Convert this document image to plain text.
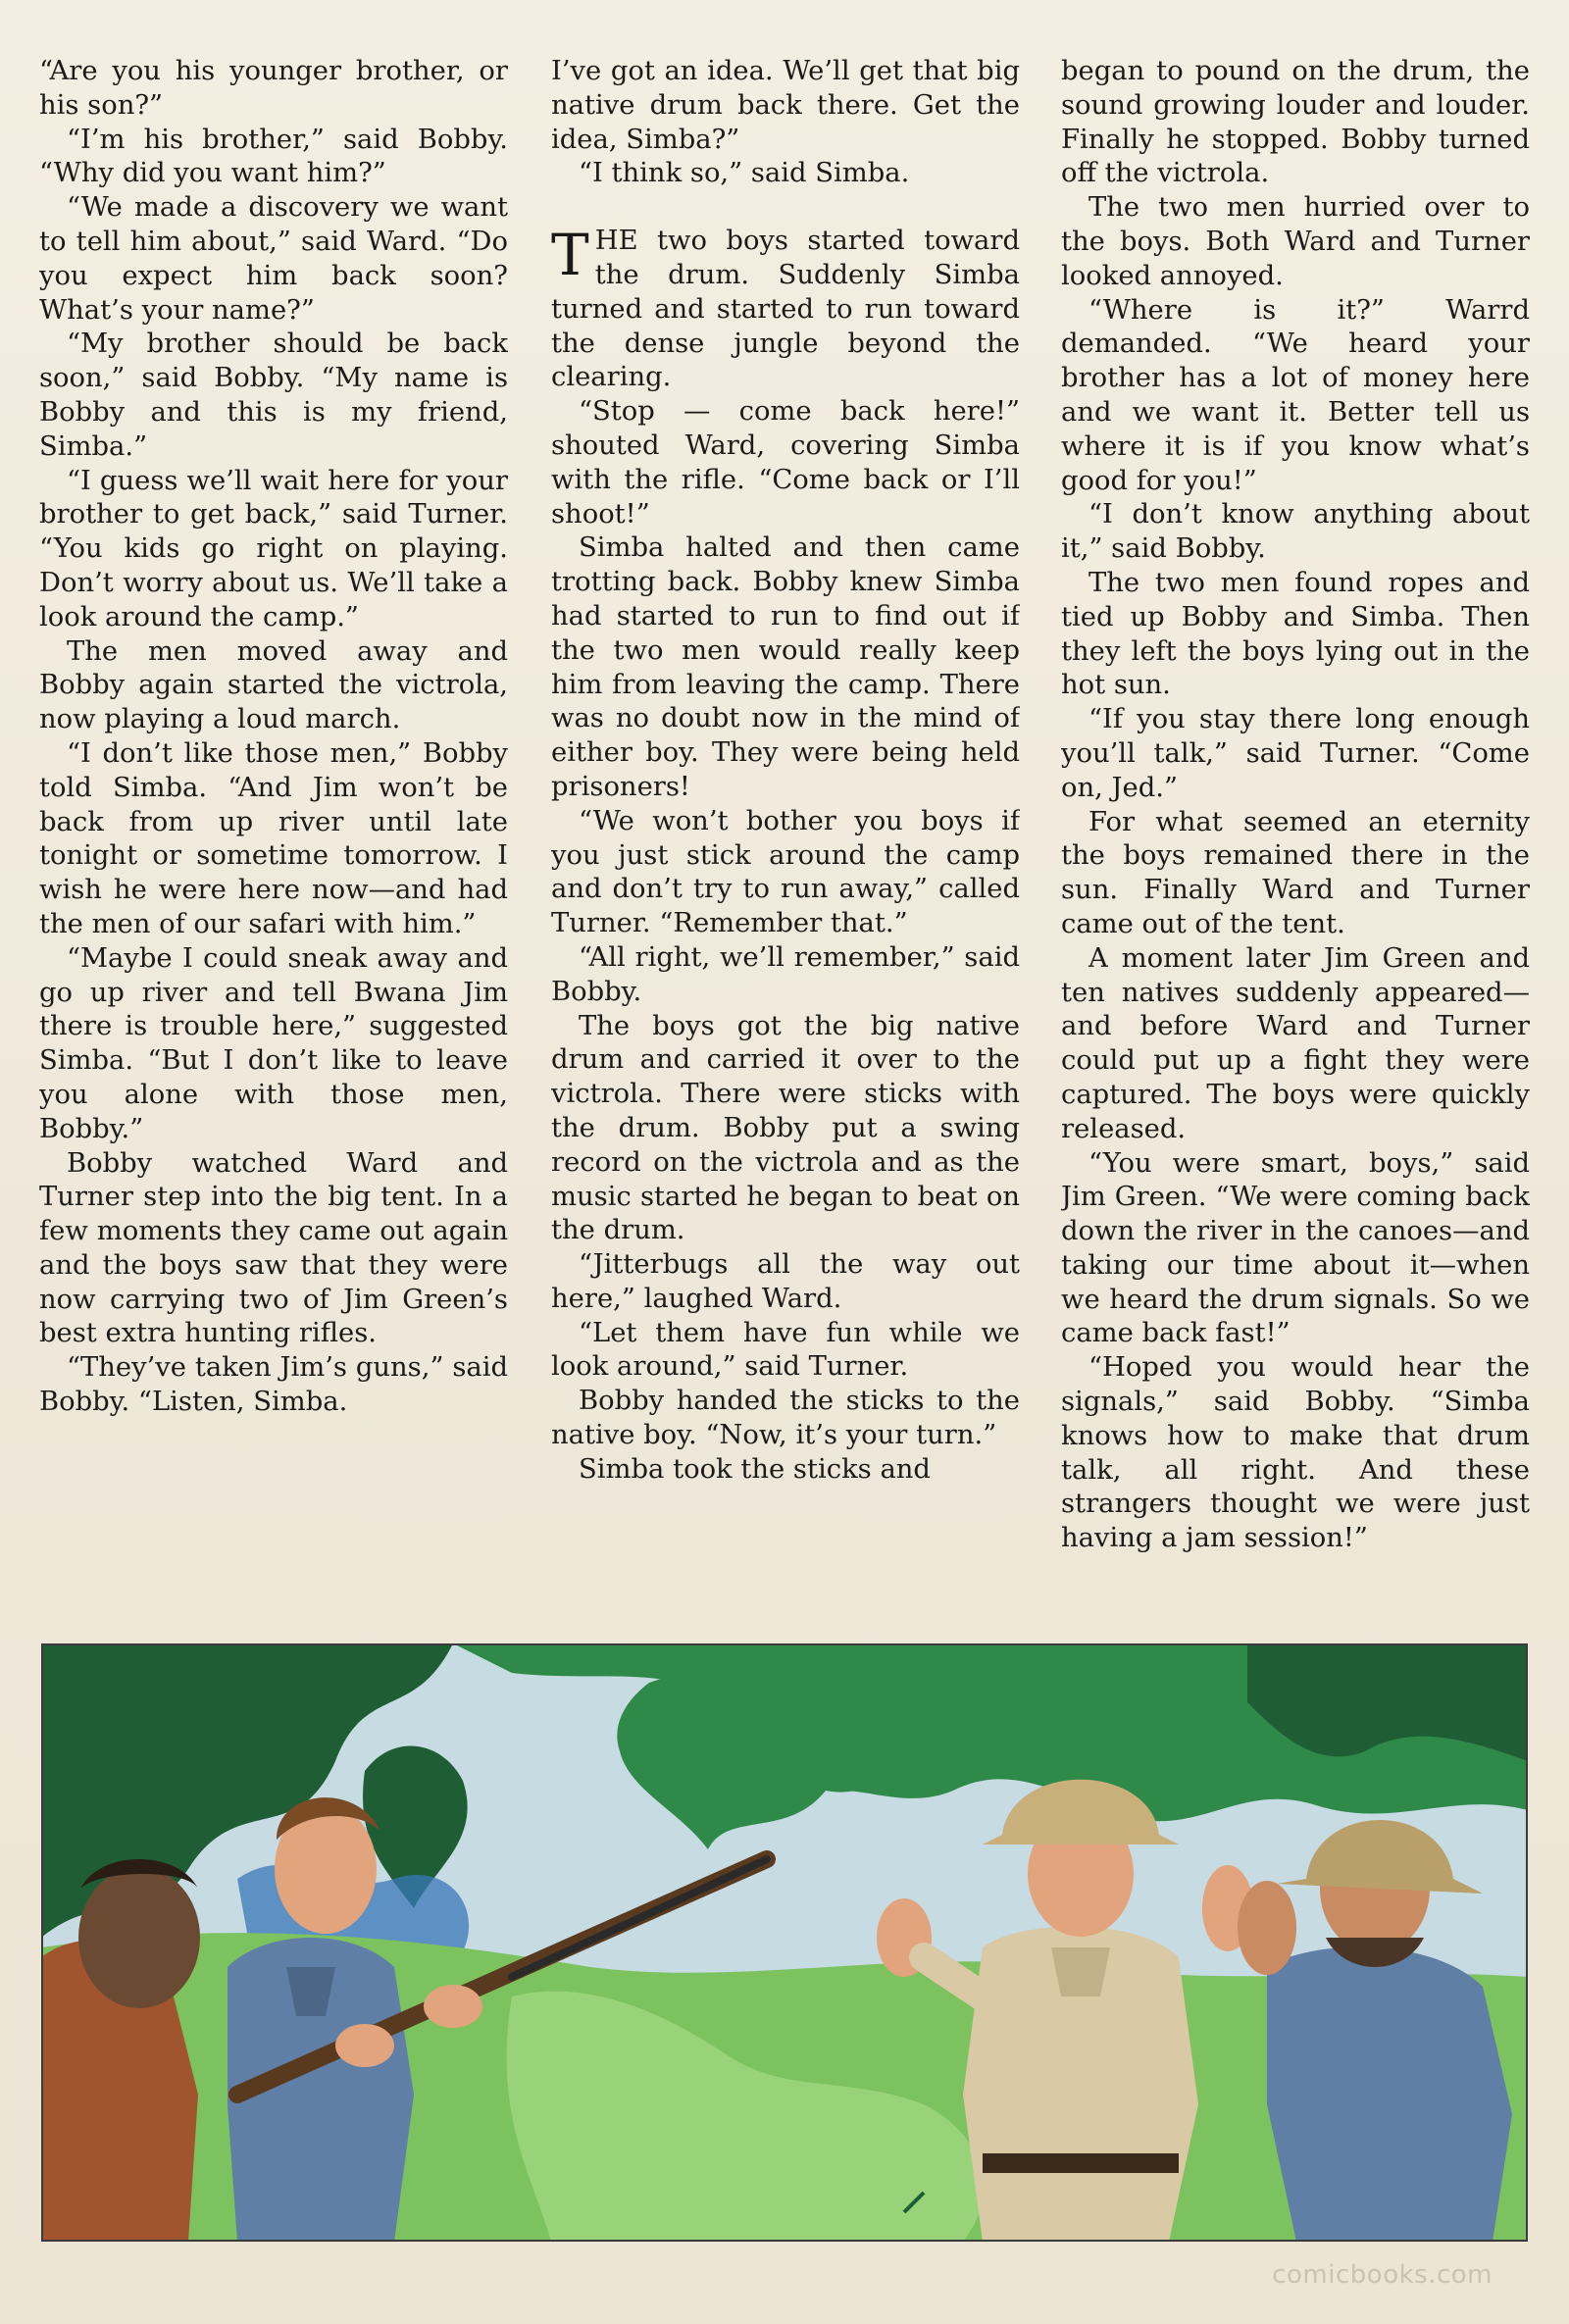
“Are you his younger brother, or his son?”

“I’m his brother,” said Bobby. “Why did you want him?”

“We made a discovery we want to tell him about,” said Ward. “Do you expect him back soon? What’s your name?”

“My brother should be back soon,” said Bobby. “My name is Bobby and this is my friend, Simba.”

“I guess we’ll wait here for your brother to get back,” said Turner. “You kids go right on playing. Don’t worry about us. We’ll take a look around the camp.”

The men moved away and Bobby again started the victrola, now playing a loud march.

“I don’t like those men,” Bobby told Simba. “And Jim won’t be back from up river until late tonight or sometime tomorrow. I wish he were here now—and had the men of our safari with him.”

“Maybe I could sneak away and go up river and tell Bwana Jim there is trouble here,” suggested Simba. “But I don’t like to leave you alone with those men, Bobby.”

Bobby watched Ward and Turner step into the big tent. In a few moments they came out again and the boys saw that they were now carrying two of Jim Green’s best extra hunting rifles.

“They’ve taken Jim’s guns,” said Bobby. “Listen, Simba.

I’ve got an idea. We’ll get that big native drum back there. Get the idea, Simba?”

“I think so,” said Simba.

THE two boys started toward the drum. Suddenly Simba turned and started to run toward the dense jungle beyond the clearing.

“Stop — come back here!” shouted Ward, covering Simba with the rifle. “Come back or I’ll shoot!”

Simba halted and then came trotting back. Bobby knew Simba had started to run to find out if the two men would really keep him from leaving the camp. There was no doubt now in the mind of either boy. They were being held prisoners!

“We won’t bother you boys if you just stick around the camp and don’t try to run away,” called Turner. “Remember that.”

“All right, we’ll remember,” said Bobby.

The boys got the big native drum and carried it over to the victrola. There were sticks with the drum. Bobby put a swing record on the victrola and as the music started he began to beat on the drum.

“Jitterbugs all the way out here,” laughed Ward.

“Let them have fun while we look around,” said Turner.

Bobby handed the sticks to the native boy. “Now, it’s your turn.”

Simba took the sticks and

began to pound on the drum, the sound growing louder and louder. Finally he stopped. Bobby turned off the victrola.

The two men hurried over to the boys. Both Ward and Turner looked annoyed.

“Where is it?” Warrd demanded. “We heard your brother has a lot of money here and we want it. Better tell us where it is if you know what’s good for you!”

“I don’t know anything about it,” said Bobby.

The two men found ropes and tied up Bobby and Simba. Then they left the boys lying out in the hot sun.

“If you stay there long enough you’ll talk,” said Turner. “Come on, Jed.”

For what seemed an eternity the boys remained there in the sun. Finally Ward and Turner came out of the tent.

A moment later Jim Green and ten natives suddenly appeared—and before Ward and Turner could put up a fight they were captured. The boys were quickly released.

“You were smart, boys,” said Jim Green. “We were coming back down the river in the canoes—and taking our time about it—when we heard the drum signals. So we came back fast!”

“Hoped you would hear the signals,” said Bobby. “Simba knows how to make that drum talk, all right. And these strangers thought we were just having a jam session!”

comicbooks.com
